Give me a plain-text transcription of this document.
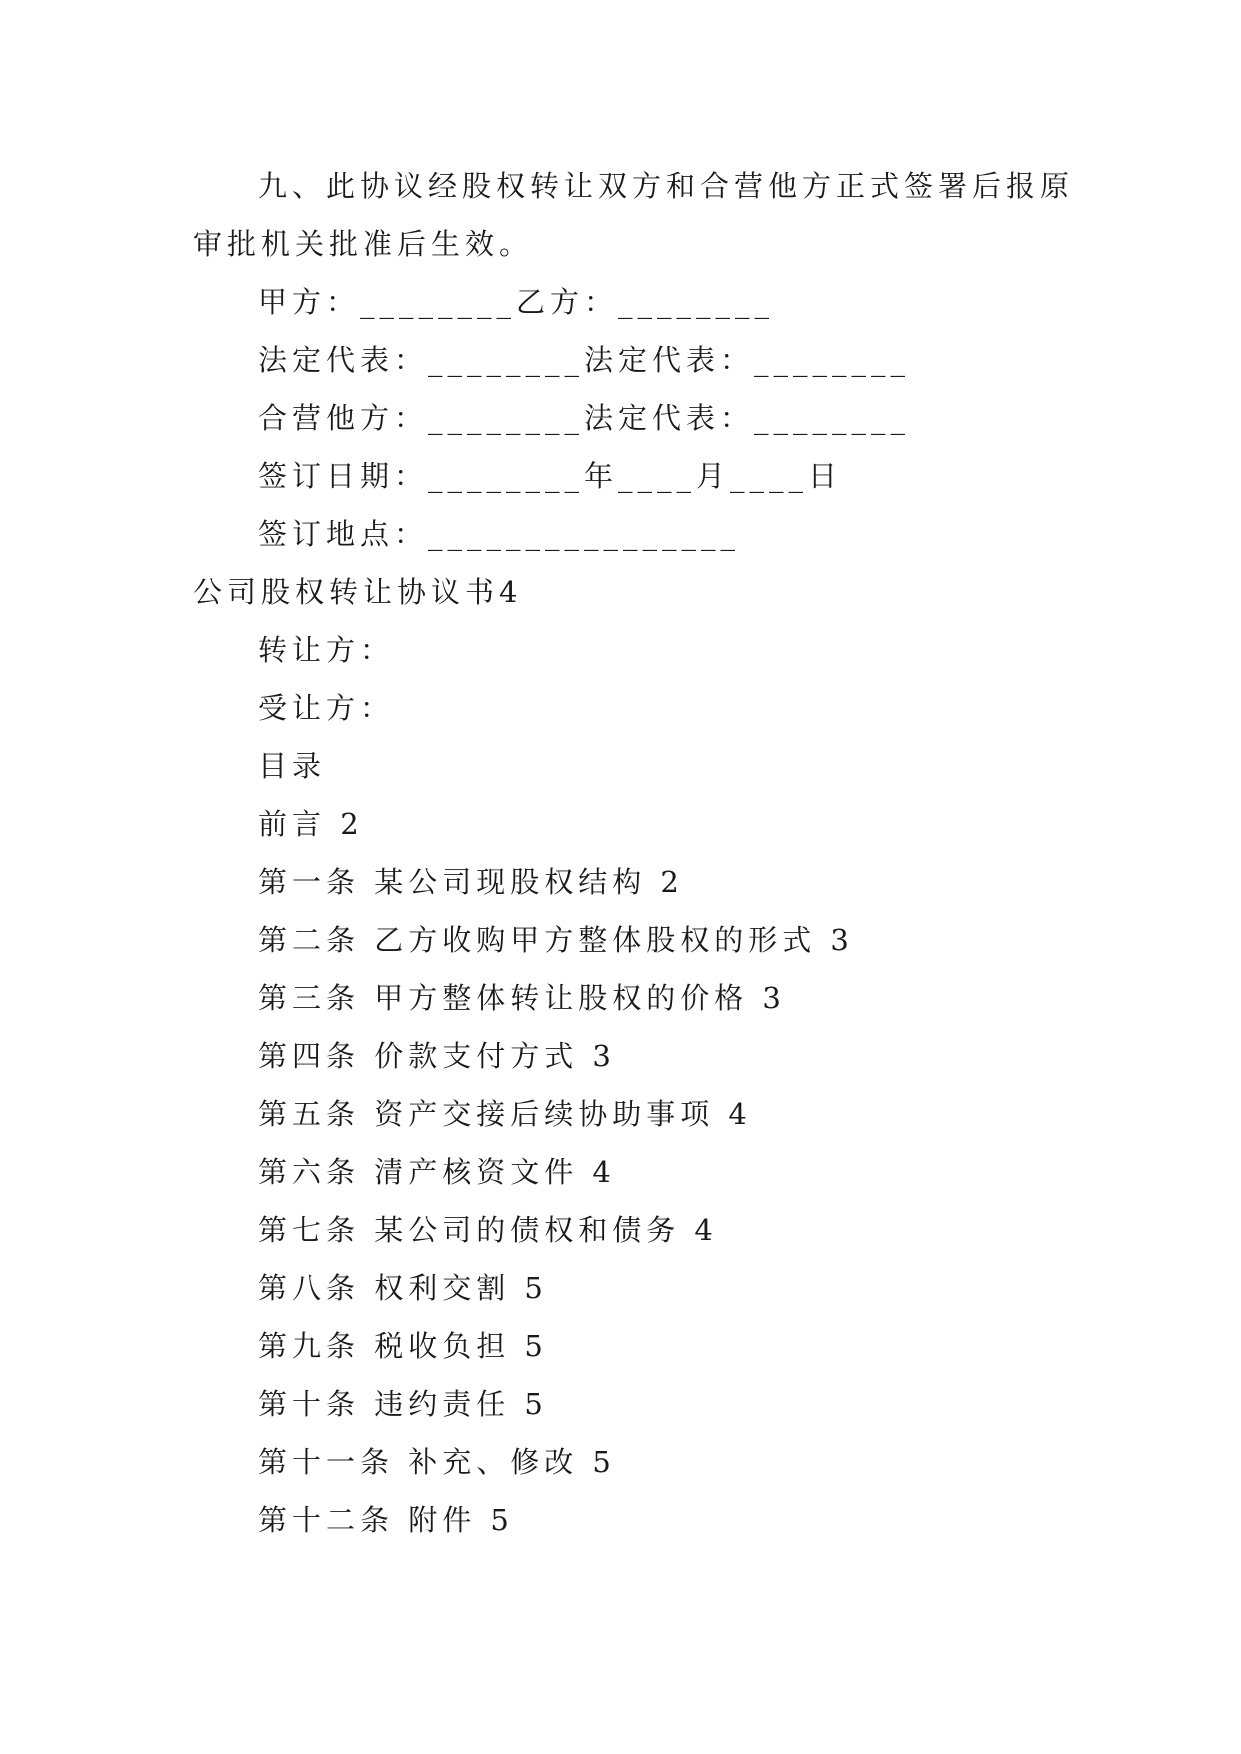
九、此协议经股权转让双方和合营他方正式签署后报原
审批机关批准后生效。
甲方：________乙方：________
法定代表：________法定代表：________
合营他方：________法定代表：________
签订日期：________年____月____日
签订地点：________________
公司股权转让协议书4
转让方：
受让方：
目录
前言 2
第一条 某公司现股权结构 2
第二条 乙方收购甲方整体股权的形式 3
第三条 甲方整体转让股权的价格 3
第四条 价款支付方式 3
第五条 资产交接后续协助事项 4
第六条 清产核资文件 4
第七条 某公司的债权和债务 4
第八条 权利交割 5
第九条 税收负担 5
第十条 违约责任 5
第十一条 补充、修改 5
第十二条 附件 5
